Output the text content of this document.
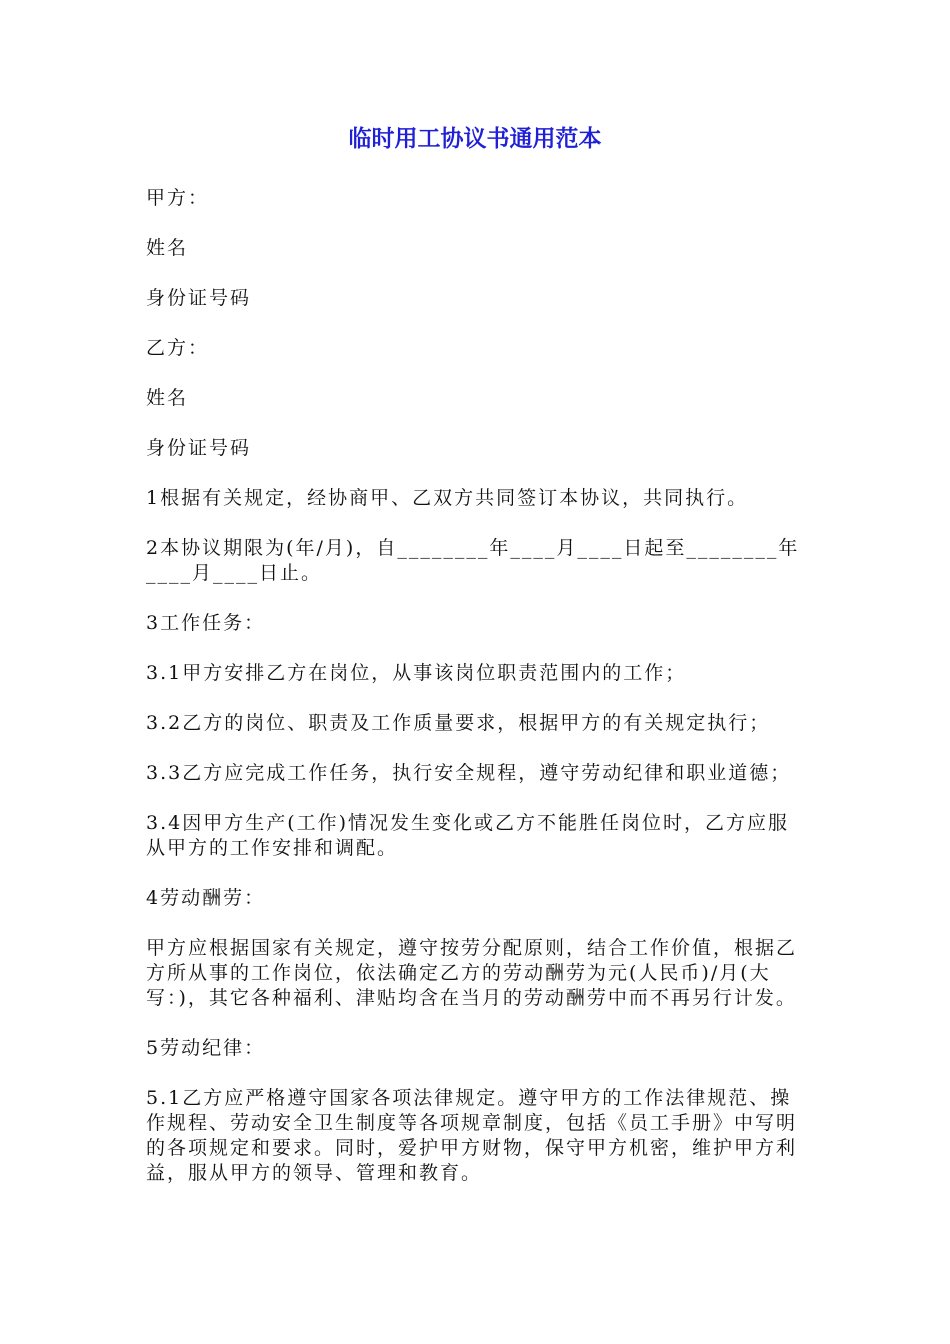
临时用工协议书通用范本

甲方：

姓名

身份证号码

乙方：

姓名

身份证号码

1根据有关规定，经协商甲、乙双方共同签订本协议，共同执行。

2本协议期限为(年/月)，自________年____月____日起至________年____月____日止。

3工作任务：

3.1甲方安排乙方在岗位，从事该岗位职责范围内的工作；

3.2乙方的岗位、职责及工作质量要求，根据甲方的有关规定执行；

3.3乙方应完成工作任务，执行安全规程，遵守劳动纪律和职业道德；

3.4因甲方生产(工作)情况发生变化或乙方不能胜任岗位时，乙方应服从甲方的工作安排和调配。

4劳动酬劳：

甲方应根据国家有关规定，遵守按劳分配原则，结合工作价值，根据乙方所从事的工作岗位，依法确定乙方的劳动酬劳为元(人民币)/月(大写：)，其它各种福利、津贴均含在当月的劳动酬劳中而不再另行计发。

5劳动纪律：

5.1乙方应严格遵守国家各项法律规定。遵守甲方的工作法律规范、操作规程、劳动安全卫生制度等各项规章制度，包括《员工手册》中写明的各项规定和要求。同时，爱护甲方财物，保守甲方机密，维护甲方利益，服从甲方的领导、管理和教育。
